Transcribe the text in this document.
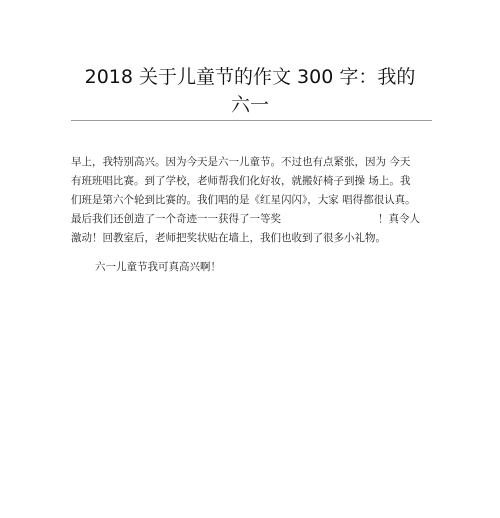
2018 关于儿童节的作文 300 字：我的
六一

早上，我特别高兴。因为今天是六一儿童节。不过也有点紧张，因为 今天

有班班唱比赛。到了学校，老师帮我们化好妆，就搬好椅子到操 场上。我

们班是第六个轮到比赛的。我们唱的是《红星闪闪》，大家 唱得都很认真。

最后我们还创造了一个奇迹一一获得了一等奖	！真令人

激动！回教室后，老师把奖状贴在墙上，我们也收到了很多小礼物。

六一儿童节我可真高兴啊！
